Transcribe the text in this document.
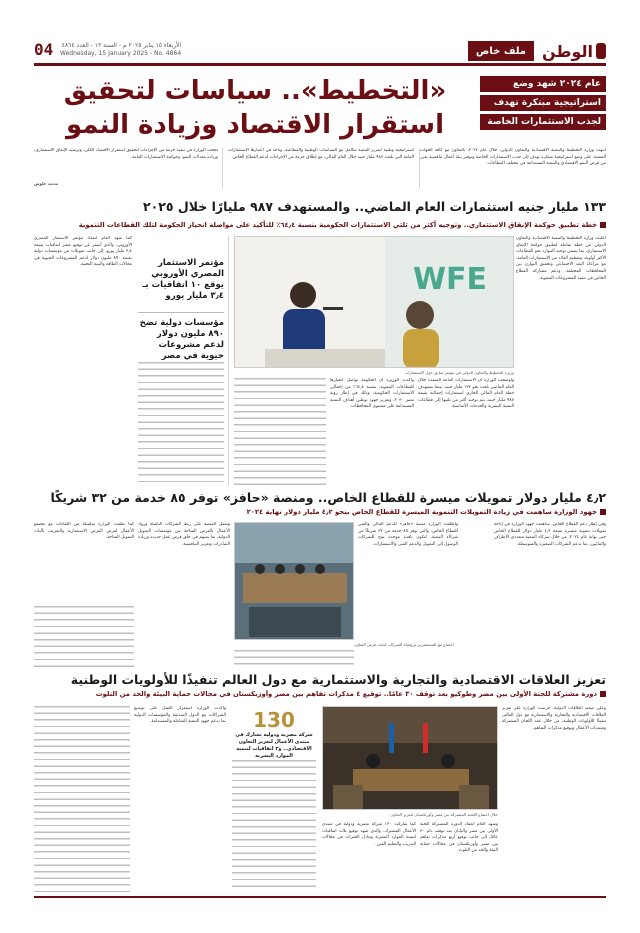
الوطن
ملف خاص
04 الأربعاء ١٥ يناير ٢٠٢٥ م - السنة ١٣ - العدد ٤٨٦٤
Wednesday, 15 January 2025 - No. 4864
عام ٢٠٢٤ شهد وضع
استراتيجية مبتكرة تهدف
لجذب الاستثمارات الخاصة
«التخطيط».. سياسات لتحقيق
استقرار الاقتصاد وزيادة النمو
انتهت وزارة التخطيط والتنمية الاقتصادية والتعاون الدولي، خلال عام ٢٠٢٤، بالتعاون مع كافة الجهات المعنية، على وضع استراتيجية مبتكرة تهدف إلى جذب الاستثمارات الخاصة وتوفير بيئة أعمال تنافسية تعزز من فرص النمو الاقتصادي والتنمية المستدامة في مختلف القطاعات.
استراتيجية وطنية لتعزيز التنمية تتكامل مع السياسات الوطنية والقطاعية، وتأخذ في اعتبارها الاستثمارات العامة التي بلغت ٩٨٧ مليار جنيه خلال العام المالي، مع إطلاق حزمة من الإجراءات لدعم القطاع الخاص.
نجحت الوزارة في تنفيذ حزمة من الإجراءات لتحقيق استقرار الاقتصاد الكلي، وترشيد الإنفاق الاستثماري، وزيادة معدلات النمو، وحوكمة الاستثمارات العامة.
محمد علوش
١٣٣ مليار جنيه استثمارات العام الماضي.. والمستهدف ٩٨٧ مليارًا خلال ٢٠٢٥
خطة تطبيق حوكمة الإنفاق الاستثماري.. وتوجيه أكثر من ثلثي الاستثمارات الحكومية بنسبة ٦٤٫٤٪ للتأكيد على مواصلة انحياز الحكومة لتلك القطاعات التنموية
أعلنت وزارة التخطيط والتنمية الاقتصادية والتعاون الدولي عن خطة شاملة لتطبيق حوكمة الإنفاق الاستثماري، بما يضمن توجيه الموارد نحو القطاعات الأكثر أولوية، وتعظيم العائد من الاستثمارات العامة، مع مراعاة البعد الاجتماعي وتحقيق التوازن بين المحافظات المختلفة، ودعم مشاركة القطاع الخاص في تنفيذ المشروعات التنموية.
WFE
وزيرة التخطيط والتعاون الدولي في مؤتمر سابق حول الاستثمارات
مؤتمر الاستثمار المصري الأوروبي يوقع ١٠ اتفاقيات بـ ٣٫٤ مليار يورو
مؤسسات دولية تضخ ٨٩٠ مليون دولار لدعم مشروعات حيوية في مصر
كما شهد العام انعقاد مؤتمر الاستثمار المصري الأوروبي، والذي أسفر عن توقيع عشر اتفاقيات بقيمة ٣٫٤ مليار يورو، إلى جانب تمويلات من مؤسسات دولية بقيمة ٨٩٠ مليون دولار لدعم المشروعات الحيوية في مجالات الطاقة والبنية التحتية.
وأوضحت الوزارة أن الاستثمارات العامة المنفذة خلال العام الماضي بلغت نحو ١٣٣ مليار جنيه، بينما تستهدف خطة العام المالي الجاري استثمارات إجمالية بقيمة ٩٨٧ مليار جنيه، يتم توجيه أكثر من ثلثيها إلى قطاعات التنمية البشرية والخدمات الأساسية.
وأكدت الوزيرة أن الحكومة تواصل انحيازها للقطاعات التنموية، بنسبة ٦٤٫٤٪ من إجمالي الاستثمارات الحكومية، وذلك في إطار رؤية مصر ٢٠٣٠، وتعزيز جهود توطين أهداف التنمية المستدامة على مستوى المحافظات.
٤٫٢ مليار دولار تمويلات ميسرة للقطاع الخاص.. ومنصة «حافز» توفر ٨٥ خدمة من ٣٢ شريكًا
جهود الوزارة ساهمت في زيادة التمويلات التنموية الميسرة للقطاع الخاص بنحو ٤٫٢ مليار دولار نهاية ٢٠٢٤
وفي إطار دعم القطاع الخاص، ساهمت جهود الوزارة في إتاحة تمويلات تنموية ميسرة بقيمة ٤٫٢ مليار دولار للقطاع الخاص حتى نهاية عام ٢٠٢٤، من خلال شركاء التنمية متعددي الأطراف والثنائيين، بما يدعم الشركات الصغيرة والمتوسطة.
وأطلقت الوزارة منصة «حافز» للدعم المالي والفني للقطاع الخاص، والتي توفر ٨٥ خدمة من ٣٢ شريكًا من شركاء التنمية، لتكون نافذة موحدة تتيح للشركات الوصول إلى التمويل والدعم الفني والاستشارات.
اجتماع مع المستثمرين ورؤساء الشركات لبحث فرص التعاون
وتعمل المنصة على ربط الشركات الناشئة ورواد الأعمال بالفرص المتاحة من مؤسسات التمويل الدولية، بما يسهم في خلق فرص عمل جديدة وزيادة الصادرات وتعزيز التنافسية.
كما نظمت الوزارة سلسلة من اللقاءات مع مجتمع الأعمال لعرض الفرص الاستثمارية والتعريف بآليات التمويل المتاحة.
تعزيز العلاقات الاقتصادية والتجارية والاستثمارية مع دول العالم تنفيذًا للأولويات الوطنية
دورة مشتركة للجنة الأولى بين مصر وطوكيو بعد توقف ٣٠ عامًا.. توقيع ٤ مذكرات تفاهم بين مصر وأوزبكستان في مجالات حماية البيئة والحد من التلوث
وعلى صعيد العلاقات الدولية، حرصت الوزارة على تعزيز العلاقات الاقتصادية والتجارية والاستثمارية مع دول العالم، تنفيذًا للأولويات الوطنية، من خلال عقد اللجان المشتركة ومنتديات الأعمال وتوقيع مذكرات التفاهم.
خلال اجتماع اللجنة المشتركة بين مصر وأوزبكستان لتعزيز التعاون
130
شركة مصرية ودولية تشارك في منتدى الأعمال لتعزيز التعاون الاقتصادي.. و٣ اتفاقيات لتنمية الموارد البشرية
وشهد العام انعقاد الدورة المشتركة للجنة الأولى بين مصر واليابان بعد توقف دام ٣٠ عامًا، إلى جانب توقيع أربع مذكرات تفاهم بين مصر وأوزبكستان في مجالات حماية البيئة والحد من التلوث.
كما شاركت ١٣٠ شركة مصرية ودولية في منتدى الأعمال المشترك، والذي شهد توقيع ثلاث اتفاقيات لتنمية الموارد البشرية وتبادل الخبرات في مجالات التدريب والتعليم الفني.
وأكدت الوزارة استمرار العمل على توسيع الشراكات مع الدول الصديقة والمؤسسات الدولية بما يدعم جهود التنمية الشاملة والمستدامة.
